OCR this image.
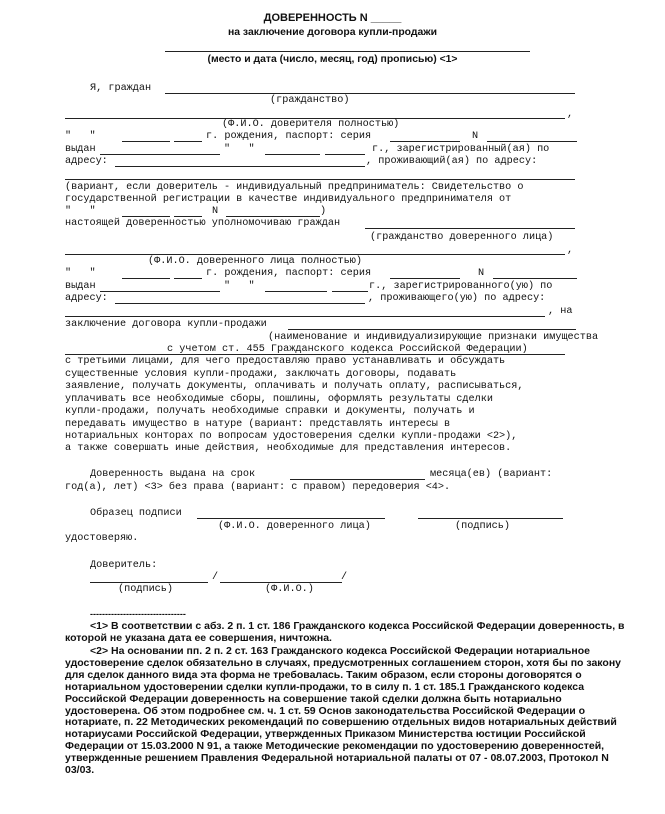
ДОВЕРЕННОСТЬ N _____
на заключение договора купли-продажи
(место и дата (число, месяц, год) прописью) <1>
Я, граждан
(гражданство)
,
(Ф.И.О. доверителя полностью)
"   "	г. рождения, паспорт: серия	N
выдан	"   "	г., зарегистрированный(ая) по
адресу:	, проживающий(ая) по адресу:
(вариант, если доверитель - индивидуальный предприниматель: Свидетельство о
государственной регистрации в качестве индивидуального предпринимателя от
"   "	N	)
настоящей доверенностью уполномочиваю граждан
(гражданство доверенного лица)
,
(Ф.И.О. доверенного лица полностью)
"   "	г. рождения, паспорт: серия	N
выдан	"   "	г., зарегистрированного(ую) по
адресу:	, проживающего(ую) по адресу:
, на
заключение договора купли-продажи
(наименование и индивидуализирующие признаки имущества
с учетом ст. 455 Гражданского кодекса Российской Федерации)
с третьими лицами, для чего предоставляю право устанавливать и обсуждать
существенные условия купли-продажи, заключать договоры, подавать
заявление, получать документы, оплачивать и получать оплату, расписываться,
уплачивать все необходимые сборы, пошлины, оформлять результаты сделки
купли-продажи, получать необходимые справки и документы, получать и
передавать имущество в натуре (вариант: представлять интересы в
нотариальных конторах по вопросам удостоверения сделки купли-продажи <2>),
а также совершать иные действия, необходимые для представления интересов.
Доверенность выдана на срок	месяца(ев) (вариант:
год(а), лет) <3> без права (вариант: с правом) передоверия <4>.
Образец подписи
(Ф.И.О. доверенного лица)	(подпись)
удостоверяю.
Доверитель:
/	/
(подпись)	(Ф.И.О.)
--------------------------------
<1> В соответствии с абз. 2 п. 1 ст. 186 Гражданского кодекса Российской Федерации доверенность, в которой не указана дата ее совершения, ничтожна.
<2> На основании пп. 2 п. 2 ст. 163 Гражданского кодекса Российской Федерации нотариальное удостоверение сделок обязательно в случаях, предусмотренных соглашением сторон, хотя бы по закону для сделок данного вида эта форма не требовалась. Таким образом, если стороны договорятся о нотариальном удостоверении сделки купли-продажи, то в силу п. 1 ст. 185.1 Гражданского кодекса Российской Федерации доверенность на совершение такой сделки должна быть нотариально удостоверена. Об этом подробнее см. ч. 1 ст. 59 Основ законодательства Российской Федерации о нотариате, п. 22 Методических рекомендаций по совершению отдельных видов нотариальных действий нотариусами Российской Федерации, утвержденных Приказом Министерства юстиции Российской Федерации от 15.03.2000 N 91, а также Методические рекомендации по удостоверению доверенностей, утвержденные решением Правления Федеральной нотариальной палаты от 07 - 08.07.2003, Протокол N 03/03.
